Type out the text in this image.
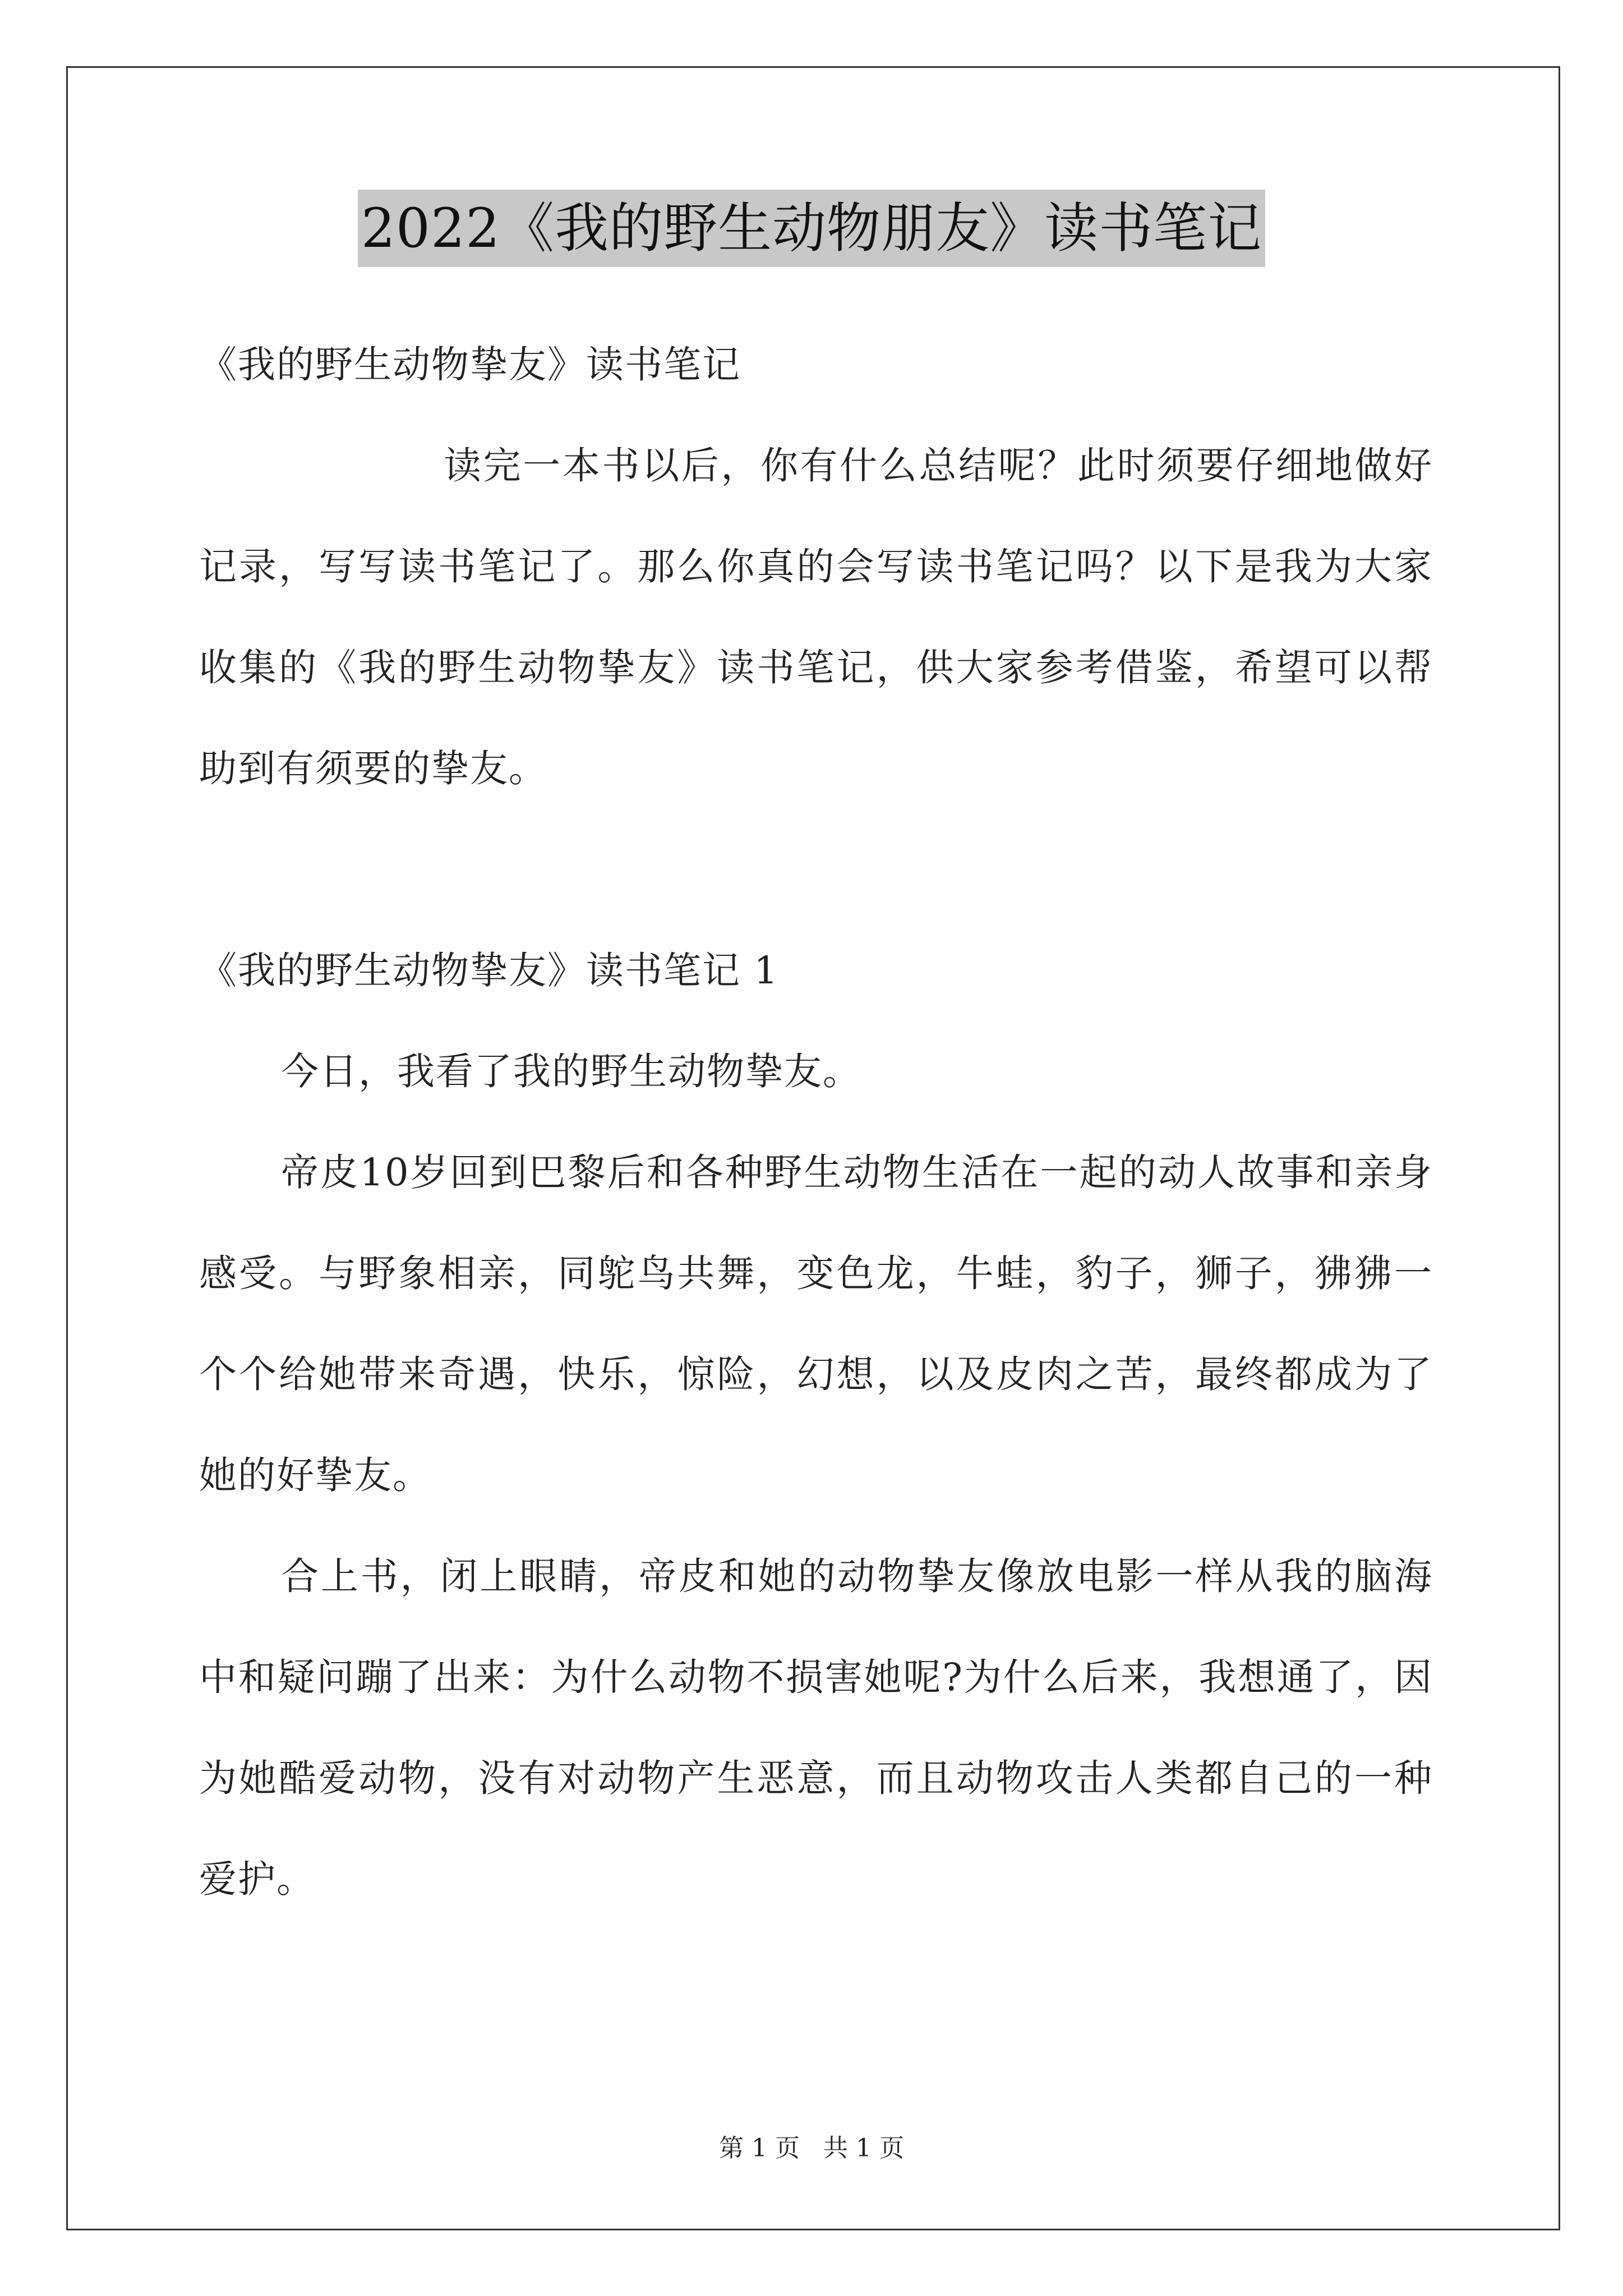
2022《我的野生动物朋友》读书笔记
《我的野生动物挚友》读书笔记

读完一本书以后，你有什么总结呢？此时须要仔细地做好记录，写写读书笔记了。那么你真的会写读书笔记吗？以下是我为大家收集的《我的野生动物挚友》读书笔记，供大家参考借鉴，希望可以帮助到有须要的挚友。

《我的野生动物挚友》读书笔记 1

今日，我看了我的野生动物挚友。

帝皮10岁回到巴黎后和各种野生动物生活在一起的动人故事和亲身感受。与野象相亲，同鸵鸟共舞，变色龙，牛蛙，豹子，狮子，狒狒一个个给她带来奇遇，快乐，惊险，幻想，以及皮肉之苦，最终都成为了她的好挚友。

合上书，闭上眼睛，帝皮和她的动物挚友像放电影一样从我的脑海中和疑问蹦了出来：为什么动物不损害她呢?为什么后来，我想通了，因为她酷爱动物，没有对动物产生恶意，而且动物攻击人类都自己的一种爱护。

第 1 页   共 1 页
